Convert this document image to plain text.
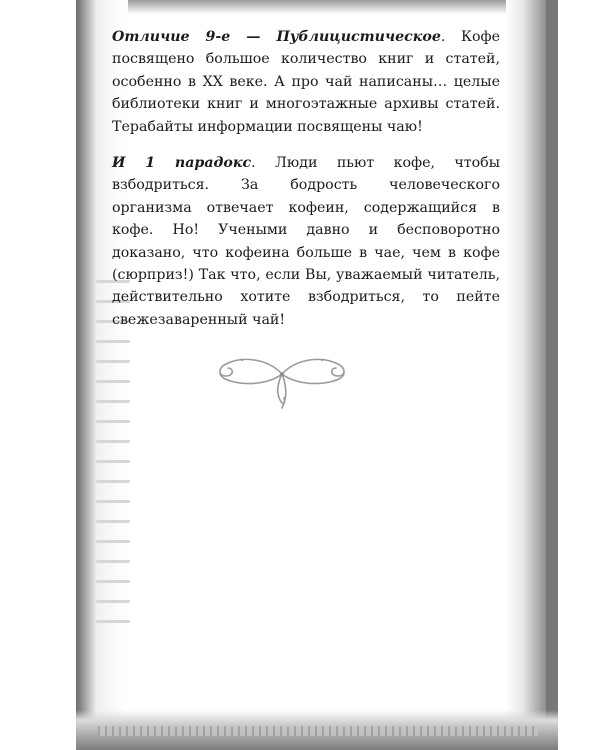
Отличие 9-е — Публицистическое. Кофе посвящено большое количество книг и статей, особенно в XX веке. А про чай написаны… целые библиотеки книг и многоэтажные архивы статей. Терабайты информации посвящены чаю!

И 1 парадокс. Люди пьют кофе, чтобы взбодриться. За бодрость человеческого организма отвечает кофеин, содержащийся в кофе. Но! Учеными давно и бесповоротно доказано, что кофеина больше в чае, чем в кофе (сюрприз!) Так что, если Вы, уважаемый читатель, действительно хотите взбодриться, то пейте свежезаваренный чай!
